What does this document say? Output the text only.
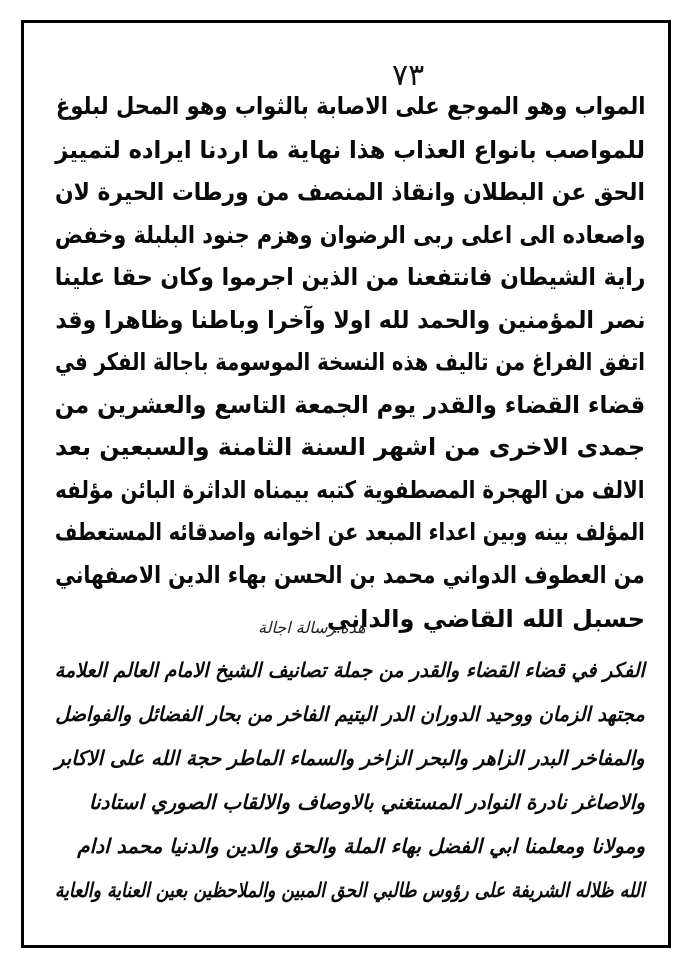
٧٣
المواب وهو الموجع على الاصابة بالثواب وهو المحل لبلوغ
للمواصب بانواع العذاب هذا نهاية ما اردنا ايراده لتمييز
الحق عن البطلان وانقاذ المنصف من ورطات الحيرة لان
واصعاده الى اعلى ربى الرضوان وهزم جنود البلبلة وخفض
راية الشيطان فانتفعنا من الذين اجرموا وكان حقا علينا
نصر المؤمنين والحمد لله اولا وآخرا وباطنا وظاهرا وقد
اتفق الفراغ من تاليف هذه النسخة الموسومة باجالة الفكر في
قضاء القضاء والقدر يوم الجمعة التاسع والعشرين من
جمدى الاخرى من اشهر السنة الثامنة والسبعين بعد
الالف من الهجرة المصطفوية كتبه بيمناه الداثرة البائن مؤلفه
المؤلف بينه وبين اعداء المبعد عن اخوانه واصدقائه المستعطف
من العطوف الدواني محمد بن الحسن بهاء الدين الاصفهاني
حسبل الله القاضي والداني
هذه رسالة اجالة
الفكر في قضاء القضاء والقدر من جملة تصانيف الشيخ الامام العالم العلامة
مجتهد الزمان ووحيد الدوران الدر اليتيم الفاخر من بحار الفضائل والفواضل
والمفاخر البدر الزاهر والبحر الزاخر والسماء الماطر حجة الله على الاكابر
والاصاغر نادرة النوادر المستغني بالاوصاف والالقاب الصوري استادنا
ومولانا ومعلمنا ابي الفضل بهاء الملة والحق والدين والدنيا محمد ادام
الله ظلاله الشريفة على رؤوس طالبي الحق المبين والملاحظين بعين العناية والعاية
